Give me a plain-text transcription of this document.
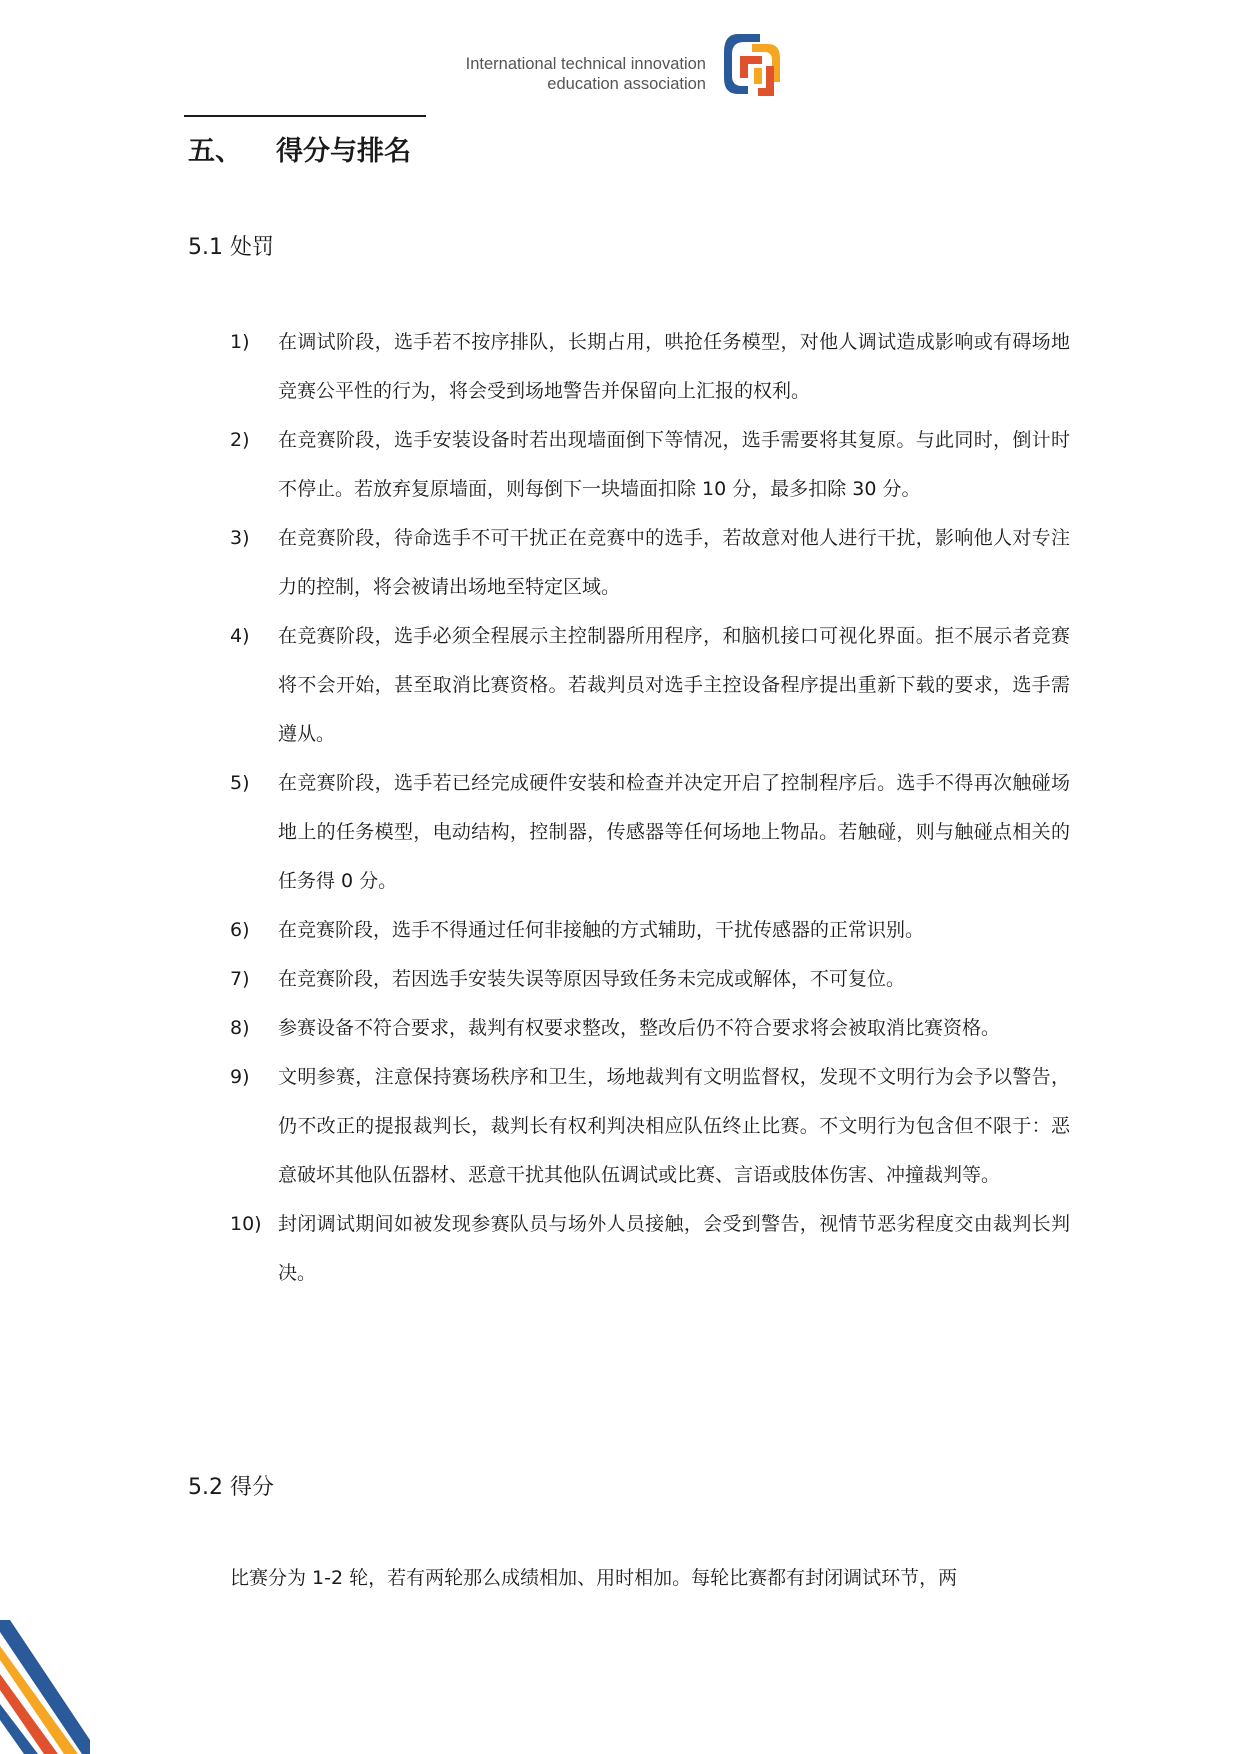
International technical innovation
education association
五、 得分与排名
5.1 处罚
1)	在调试阶段，选手若不按序排队，长期占用，哄抢任务模型，对他人调试造成影响或有碍场地竞赛公平性的行为，将会受到场地警告并保留向上汇报的权利。
2)	在竞赛阶段，选手安装设备时若出现墙面倒下等情况，选手需要将其复原。与此同时，倒计时不停止。若放弃复原墙面，则每倒下一块墙面扣除 10 分，最多扣除 30 分。
3)	在竞赛阶段，待命选手不可干扰正在竞赛中的选手，若故意对他人进行干扰，影响他人对专注力的控制，将会被请出场地至特定区域。
4)	在竞赛阶段，选手必须全程展示主控制器所用程序，和脑机接口可视化界面。拒不展示者竞赛将不会开始，甚至取消比赛资格。若裁判员对选手主控设备程序提出重新下载的要求，选手需遵从。
5)	在竞赛阶段，选手若已经完成硬件安装和检查并决定开启了控制程序后。选手不得再次触碰场地上的任务模型，电动结构，控制器，传感器等任何场地上物品。若触碰，则与触碰点相关的任务得 0 分。
6)	在竞赛阶段，选手不得通过任何非接触的方式辅助，干扰传感器的正常识别。
7)	在竞赛阶段，若因选手安装失误等原因导致任务未完成或解体，不可复位。
8)	参赛设备不符合要求，裁判有权要求整改，整改后仍不符合要求将会被取消比赛资格。
9)	文明参赛，注意保持赛场秩序和卫生，场地裁判有文明监督权，发现不文明行为会予以警告，仍不改正的提报裁判长，裁判长有权利判决相应队伍终止比赛。不文明行为包含但不限于：恶意破坏其他队伍器材、恶意干扰其他队伍调试或比赛、言语或肢体伤害、冲撞裁判等。
10) 封闭调试期间如被发现参赛队员与场外人员接触，会受到警告，视情节恶劣程度交由裁判长判决。
5.2 得分
比赛分为 1-2 轮，若有两轮那么成绩相加、用时相加。每轮比赛都有封闭调试环节，两
